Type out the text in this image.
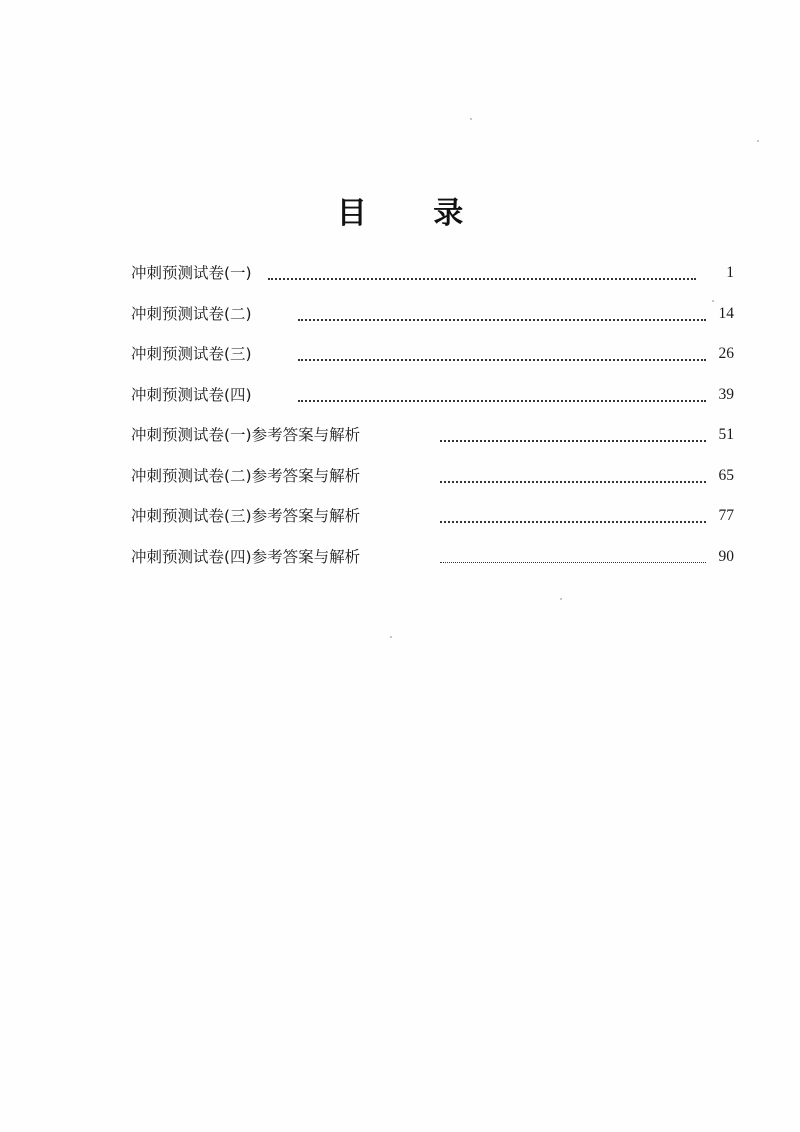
目 录
冲刺预测试卷(一)	1
冲刺预测试卷(二)	14
冲刺预测试卷(三)	26
冲刺预测试卷(四)	39
冲刺预测试卷(一)参考答案与解析	51
冲刺预测试卷(二)参考答案与解析	65
冲刺预测试卷(三)参考答案与解析	77
冲刺预测试卷(四)参考答案与解析	90
